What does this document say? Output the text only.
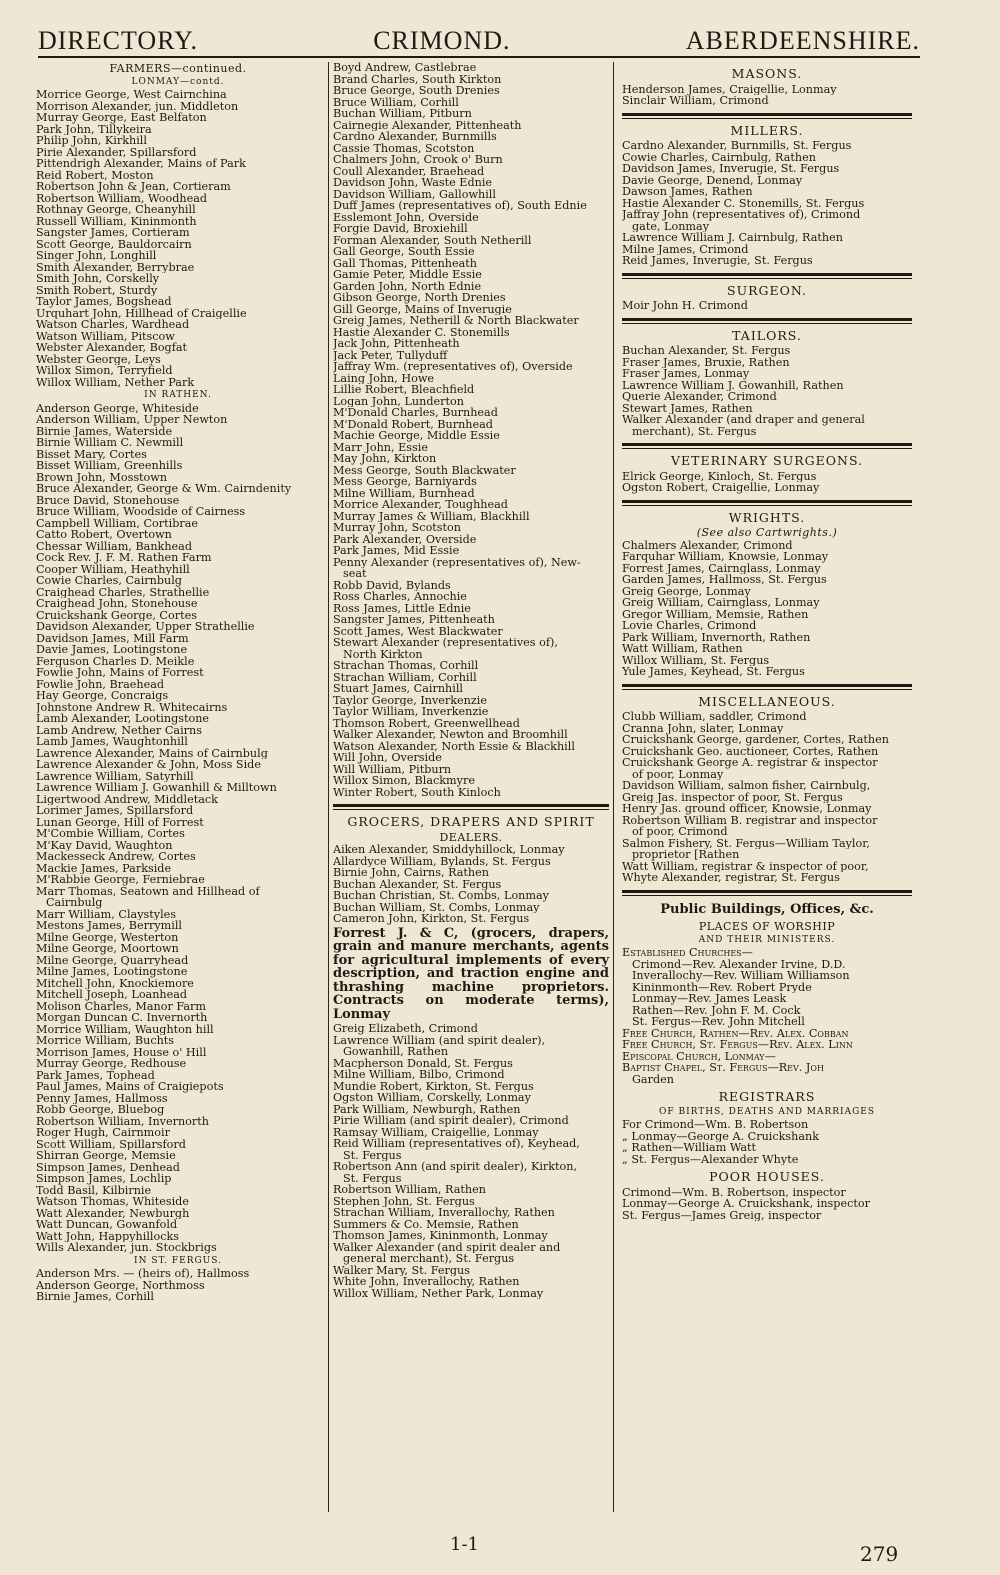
DIRECTORY.	CRIMOND.	ABERDEENSHIRE.
FARMERS—continued.
LONMAY—contd.
Morrice George, West Cairnchina
Morrison Alexander, jun. Middleton
Murray George, East Belfaton
Park John, Tillykeira
Philip John, Kirkhill
Pirie Alexander, Spillarsford
Pittendrigh Alexander, Mains of Park
Reid Robert, Moston
Robertson John & Jean, Cortieram
Robertson William, Woodhead
Rothnay George, Cheanyhill
Russell William, Kininmonth
Sangster James, Cortieram
Scott George, Bauldorcairn
Singer John, Longhill
Smith Alexander, Berrybrae
Smith John, Corskelly
Smith Robert, Sturdy
Taylor James, Bogshead
Urquhart John, Hillhead of Craigellie
Watson Charles, Wardhead
Watson William, Pitscow
Webster Alexander, Bogfat
Webster George, Leys
Willox Simon, Terryfield
Willox William, Nether Park
IN RATHEN.
Anderson George, Whiteside
Anderson William, Upper Newton
Birnie James, Waterside
Birnie William C. Newmill
Bisset Mary, Cortes
Bisset William, Greenhills
Brown John, Mosstown
Bruce Alexander, George & Wm. Cairndenity
Bruce David, Stonehouse
Bruce William, Woodside of Cairness
Campbell William, Cortibrae
Catto Robert, Overtown
Chessar William, Bankhead
Cock Rev. J. F. M. Rathen Farm
Cooper William, Heathyhill
Cowie Charles, Cairnbulg
Craighead Charles, Strathellie
Craighead John, Stonehouse
Cruickshank George, Cortes
Davidson Alexander, Upper Strathellie
Davidson James, Mill Farm
Davie James, Lootingstone
Ferguson Charles D. Meikle
Fowlie John, Mains of Forrest
Fowlie John, Braehead
Hay George, Concraigs
Johnstone Andrew R. Whitecairns
Lamb Alexander, Lootingstone
Lamb Andrew, Nether Cairns
Lamb James, Waughtonhill
Lawrence Alexander, Mains of Cairnbulg
Lawrence Alexander & John, Moss Side
Lawrence William, Satyrhill
Lawrence William J. Gowanhill & Milltown
Ligertwood Andrew, Middletack
Lorimer James, Spillarsford
Lunan George, Hill of Forrest
M'Combie William, Cortes
M'Kay David, Waughton
Mackesseck Andrew, Cortes
Mackie James, Parkside
M'Rabbie George, Ferniebrae
Marr Thomas, Seatown and Hillhead of
Cairnbulg
Marr William, Claystyles
Mestons James, Berrymill
Milne George, Westerton
Milne George, Moortown
Milne George, Quarryhead
Milne James, Lootingstone
Mitchell John, Knockiemore
Mitchell Joseph, Loanhead
Molison Charles, Manor Farm
Morgan Duncan C. Invernorth
Morrice William, Waughton hill
Morrice William, Buchts
Morrison James, House o' Hill
Murray George, Redhouse
Park James, Tophead
Paul James, Mains of Craigiepots
Penny James, Hallmoss
Robb George, Bluebog
Robertson William, Invernorth
Roger Hugh, Cairnmoir
Scott William, Spillarsford
Shirran George, Memsie
Simpson James, Denhead
Simpson James, Lochlip
Todd Basil, Kilbirnie
Watson Thomas, Whiteside
Watt Alexander, Newburgh
Watt Duncan, Gowanfold
Watt John, Happyhillocks
Wills Alexander, jun. Stockbrigs
IN ST. FERGUS.
Anderson Mrs. — (heirs of), Hallmoss
Anderson George, Northmoss
Birnie James, Corhill
Boyd Andrew, Castlebrae
Brand Charles, South Kirkton
Bruce George, South Drenies
Bruce William, Corhill
Buchan William, Pitburn
Cairnegie Alexander, Pittenheath
Cardno Alexander, Burnmills
Cassie Thomas, Scotston
Chalmers John, Crook o' Burn
Coull Alexander, Braehead
Davidson John, Waste Ednie
Davidson William, Gallowhill
Duff James (representatives of), South Ednie
Esslemont John, Overside
Forgie David, Broxiehill
Forman Alexander, South Netherill
Gall George, South Essie
Gall Thomas, Pittenheath
Gamie Peter, Middle Essie
Garden John, North Ednie
Gibson George, North Drenies
Gill George, Mains of Inverugie
Greig James, Netherill & North Blackwater
Hastie Alexander C. Stonemills
Jack John, Pittenheath
Jack Peter, Tullyduff
Jaffray Wm. (representatives of), Overside
Laing John, Howe
Lillie Robert, Bleachfield
Logan John, Lunderton
M'Donald Charles, Burnhead
M'Donald Robert, Burnhead
Machie George, Middle Essie
Marr John, Essie
May John, Kirkton
Mess George, South Blackwater
Mess George, Barniyards
Milne William, Burnhead
Morrice Alexander, Toughhead
Murray James & William, Blackhill
Murray John, Scotston
Park Alexander, Overside
Park James, Mid Essie
Penny Alexander (representatives of), New-
seat
Robb David, Bylands
Ross Charles, Annochie
Ross James, Little Ednie
Sangster James, Pittenheath
Scott James, West Blackwater
Stewart Alexander (representatives of),
North Kirkton
Strachan Thomas, Corhill
Strachan William, Corhill
Stuart James, Cairnhill
Taylor George, Inverkenzie
Taylor William, Inverkenzie
Thomson Robert, Greenwellhead
Walker Alexander, Newton and Broomhill
Watson Alexander, North Essie & Blackhill
Will John, Overside
Will William, Pitburn
Willox Simon, Blackmyre
Winter Robert, South Kinloch
GROCERS, DRAPERS AND SPIRIT
DEALERS.
Aiken Alexander, Smiddyhillock, Lonmay
Allardyce William, Bylands, St. Fergus
Birnie John, Cairns, Rathen
Buchan Alexander, St. Fergus
Buchan Christian, St. Combs, Lonmay
Buchan William, St. Combs, Lonmay
Cameron John, Kirkton, St. Fergus
Forrest J. & C, (grocers, drapers, grain and manure merchants, agents for agricultural implements of every description, and traction engine and thrashing machine proprietors. Contracts on moderate terms), Lonmay
Greig Elizabeth, Crimond
Lawrence William (and spirit dealer),
Gowanhill, Rathen
Macpherson Donald, St. Fergus
Milne William, Bilbo, Crimond
Mundie Robert, Kirkton, St. Fergus
Ogston William, Corskelly, Lonmay
Park William, Newburgh, Rathen
Pirie William (and spirit dealer), Crimond
Ramsay William, Craigellie, Lonmay
Reid William (representatives of), Keyhead,
St. Fergus
Robertson Ann (and spirit dealer), Kirkton,
St. Fergus
Robertson William, Rathen
Stephen John, St. Fergus
Strachan William, Inverallochy, Rathen
Summers & Co. Memsie, Rathen
Thomson James, Kininmonth, Lonmay
Walker Alexander (and spirit dealer and
general merchant), St. Fergus
Walker Mary, St. Fergus
White John, Inverallochy, Rathen
Willox William, Nether Park, Lonmay
MASONS.
Henderson James, Craigellie, Lonmay
Sinclair William, Crimond
MILLERS.
Cardno Alexander, Burnmills, St. Fergus
Cowie Charles, Cairnbulg, Rathen
Davidson James, Inverugie, St. Fergus
Davie George, Denend, Lonmay
Dawson James, Rathen
Hastie Alexander C. Stonemills, St. Fergus
Jaffray John (representatives of), Crimond
gate, Lonmay
Lawrence William J. Cairnbulg, Rathen
Milne James, Crimond
Reid James, Inverugie, St. Fergus
SURGEON.
Moir John H. Crimond
TAILORS.
Buchan Alexander, St. Fergus
Fraser James, Bruxie, Rathen
Fraser James, Lonmay
Lawrence William J. Gowanhill, Rathen
Querie Alexander, Crimond
Stewart James, Rathen
Walker Alexander (and draper and general
merchant), St. Fergus
VETERINARY SURGEONS.
Elrick George, Kinloch, St. Fergus
Ogston Robert, Craigellie, Lonmay
WRIGHTS.
(See also Cartwrights.)
Chalmers Alexander, Crimond
Farquhar William, Knowsie, Lonmay
Forrest James, Cairnglass, Lonmay
Garden James, Hallmoss, St. Fergus
Greig George, Lonmay
Greig William, Cairnglass, Lonmay
Gregor William, Memsie, Rathen
Lovie Charles, Crimond
Park William, Invernorth, Rathen
Watt William, Rathen
Willox William, St. Fergus
Yule James, Keyhead, St. Fergus
MISCELLANEOUS.
Clubb William, saddler, Crimond
Cranna John, slater, Lonmay
Cruickshank George, gardener, Cortes, Rathen
Cruickshank Geo. auctioneer, Cortes, Rathen
Cruickshank George A. registrar & inspector
of poor, Lonmay
Davidson William, salmon fisher, Cairnbulg,
Greig Jas. inspector of poor, St. Fergus
Henry Jas. ground officer, Knowsie, Lonmay
Robertson William B. registrar and inspector
of poor, Crimond
Salmon Fishery, St. Fergus—William Taylor,
proprietor [Rathen
Watt William, registrar & inspector of poor,
Whyte Alexander, registrar, St. Fergus
Public Buildings, Offices, &c.
PLACES OF WORSHIP
AND THEIR MINISTERS.
Established Churches—
Crimond—Rev. Alexander Irvine, D.D.
Inverallochy—Rev. William Williamson
Kininmonth—Rev. Robert Pryde
Lonmay—Rev. James Leask
Rathen—Rev. John F. M. Cock
St. Fergus—Rev. John Mitchell
Free Church, Rathen—Rev. Alex. Cobban
Free Church, St. Fergus—Rev. Alex. Linn
Episcopal Church, Lonmay—
Baptist Chapel, St. Fergus—Rev. Joh
Garden
REGISTRARS
OF BIRTHS, DEATHS AND MARRIAGES
For Crimond—Wm. B. Robertson
„ Lonmay—George A. Cruickshank
„ Rathen—William Watt
„ St. Fergus—Alexander Whyte
POOR HOUSES.
Crimond—Wm. B. Robertson, inspector
Lonmay—George A. Cruickshank, inspector
St. Fergus—James Greig, inspector
1-1	279
